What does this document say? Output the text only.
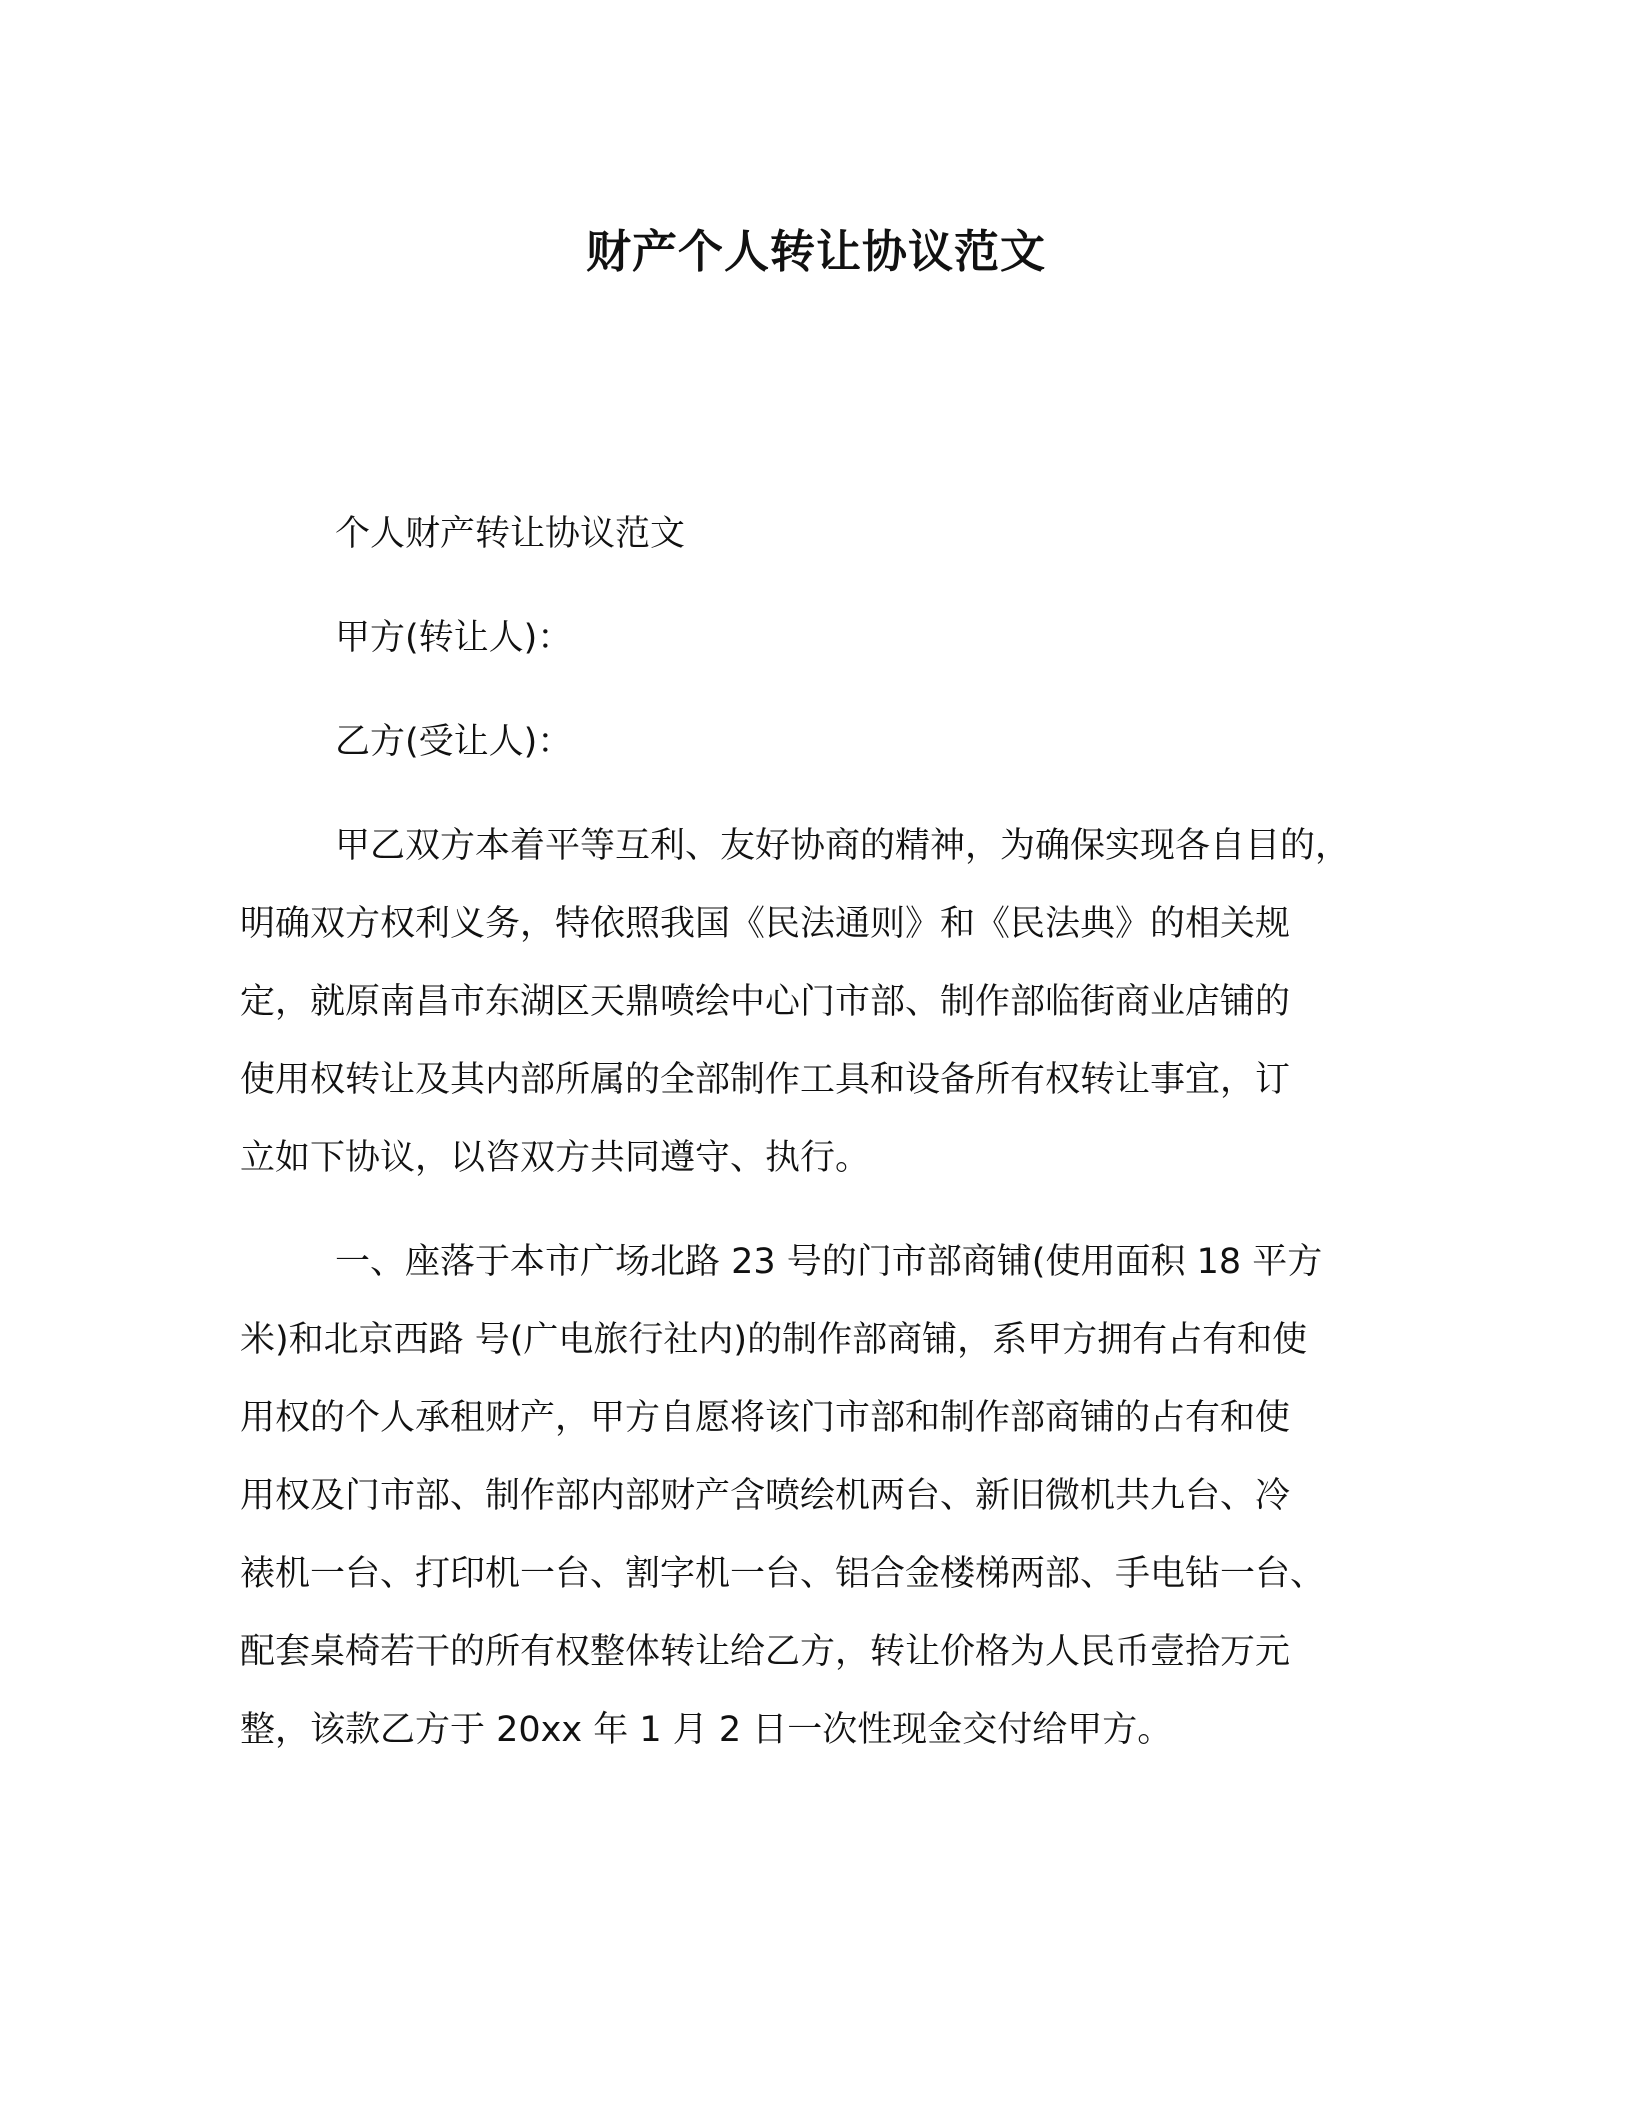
财产个人转让协议范文

个人财产转让协议范文

甲方(转让人)：

乙方(受让人)：

甲乙双方本着平等互利、友好协商的精神，为确保实现各自目的，

明确双方权利义务，特依照我国《民法通则》和《民法典》的相关规

定，就原南昌市东湖区天鼎喷绘中心门市部、制作部临街商业店铺的

使用权转让及其内部所属的全部制作工具和设备所有权转让事宜，订

立如下协议，以咨双方共同遵守、执行。

一、座落于本市广场北路 23 号的门市部商铺(使用面积 18 平方

米)和北京西路 号(广电旅行社内)的制作部商铺，系甲方拥有占有和使

用权的个人承租财产，甲方自愿将该门市部和制作部商铺的占有和使

用权及门市部、制作部内部财产含喷绘机两台、新旧微机共九台、冷

裱机一台、打印机一台、割字机一台、铝合金楼梯两部、手电钻一台、

配套桌椅若干的所有权整体转让给乙方，转让价格为人民币壹拾万元

整，该款乙方于 20xx 年 1 月 2 日一次性现金交付给甲方。
